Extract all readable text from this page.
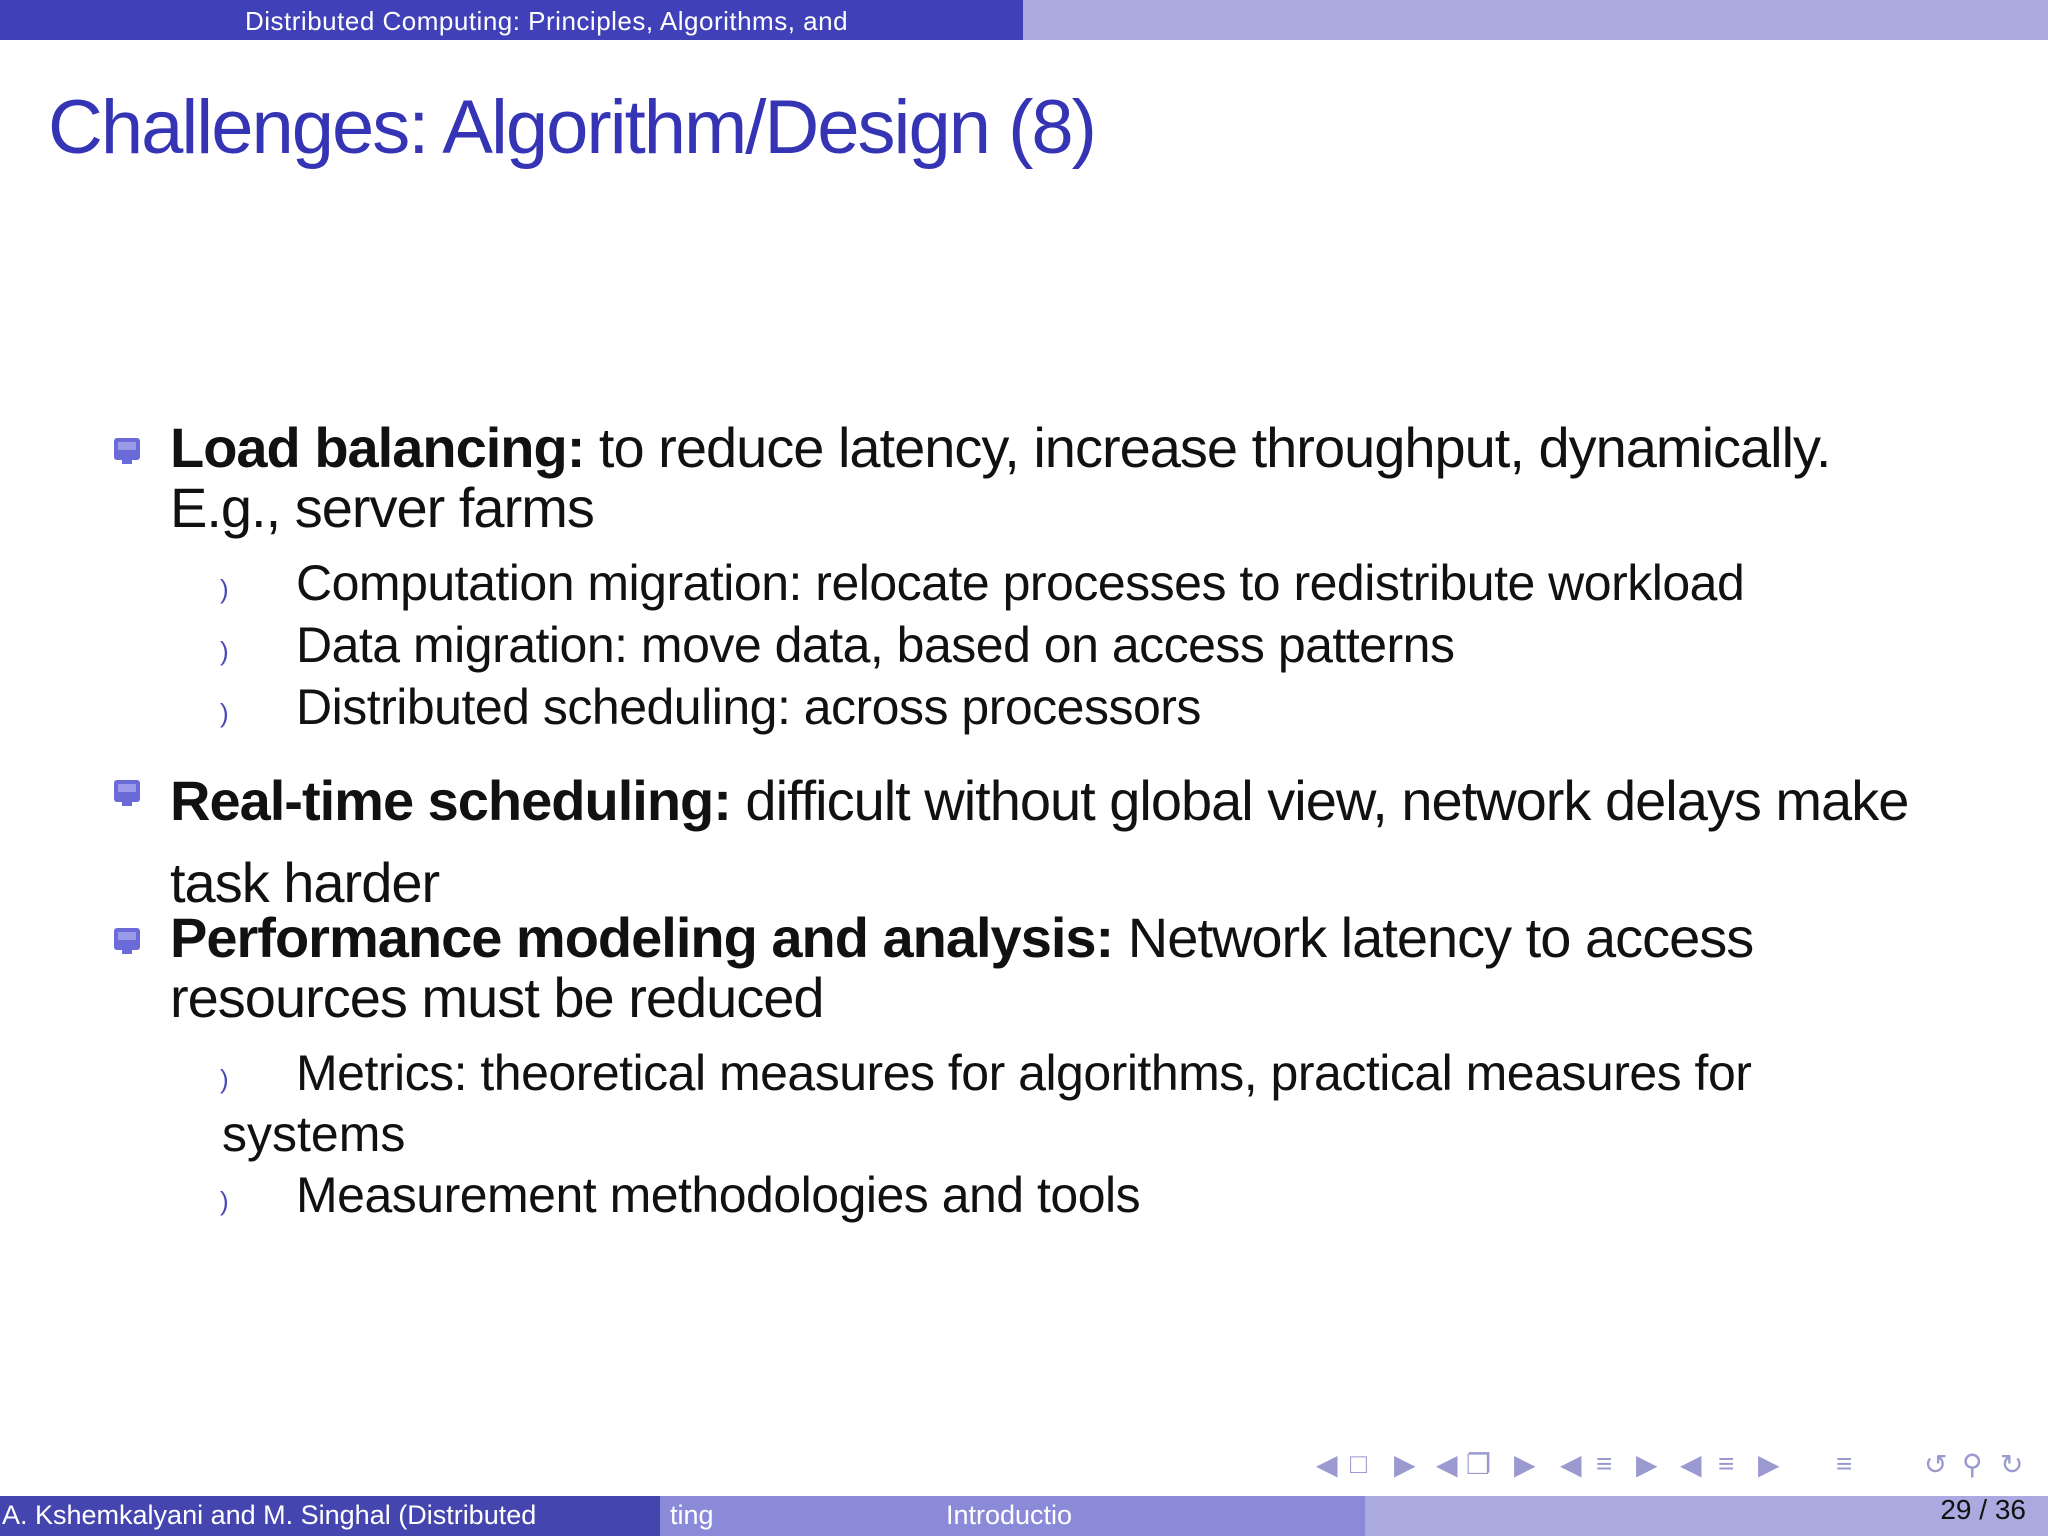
Distributed Computing: Principles, Algorithms, and
Challenges: Algorithm/Design (8)
Load balancing: to reduce latency, increase throughput, dynamically. E.g., server farms
) Computation migration: relocate processes to redistribute workload
) Data migration: move data, based on access patterns
) Distributed scheduling: across processors
Real-time scheduling: difficult without global view, network delays make task harder
Performance modeling and analysis: Network latency to access resources must be reduced
) Metrics: theoretical measures for algorithms, practical measures for
systems
) Measurement methodologies and tools
◀ □ ▶ ◀ ❐ ▶ ◀ ≡ ▶ ◀ ≡ ▶ ≡	↺ ⚲ ↻
A. Kshemkalyani and M. Singhal (Distributed	ting	Introductio	29 / 36
